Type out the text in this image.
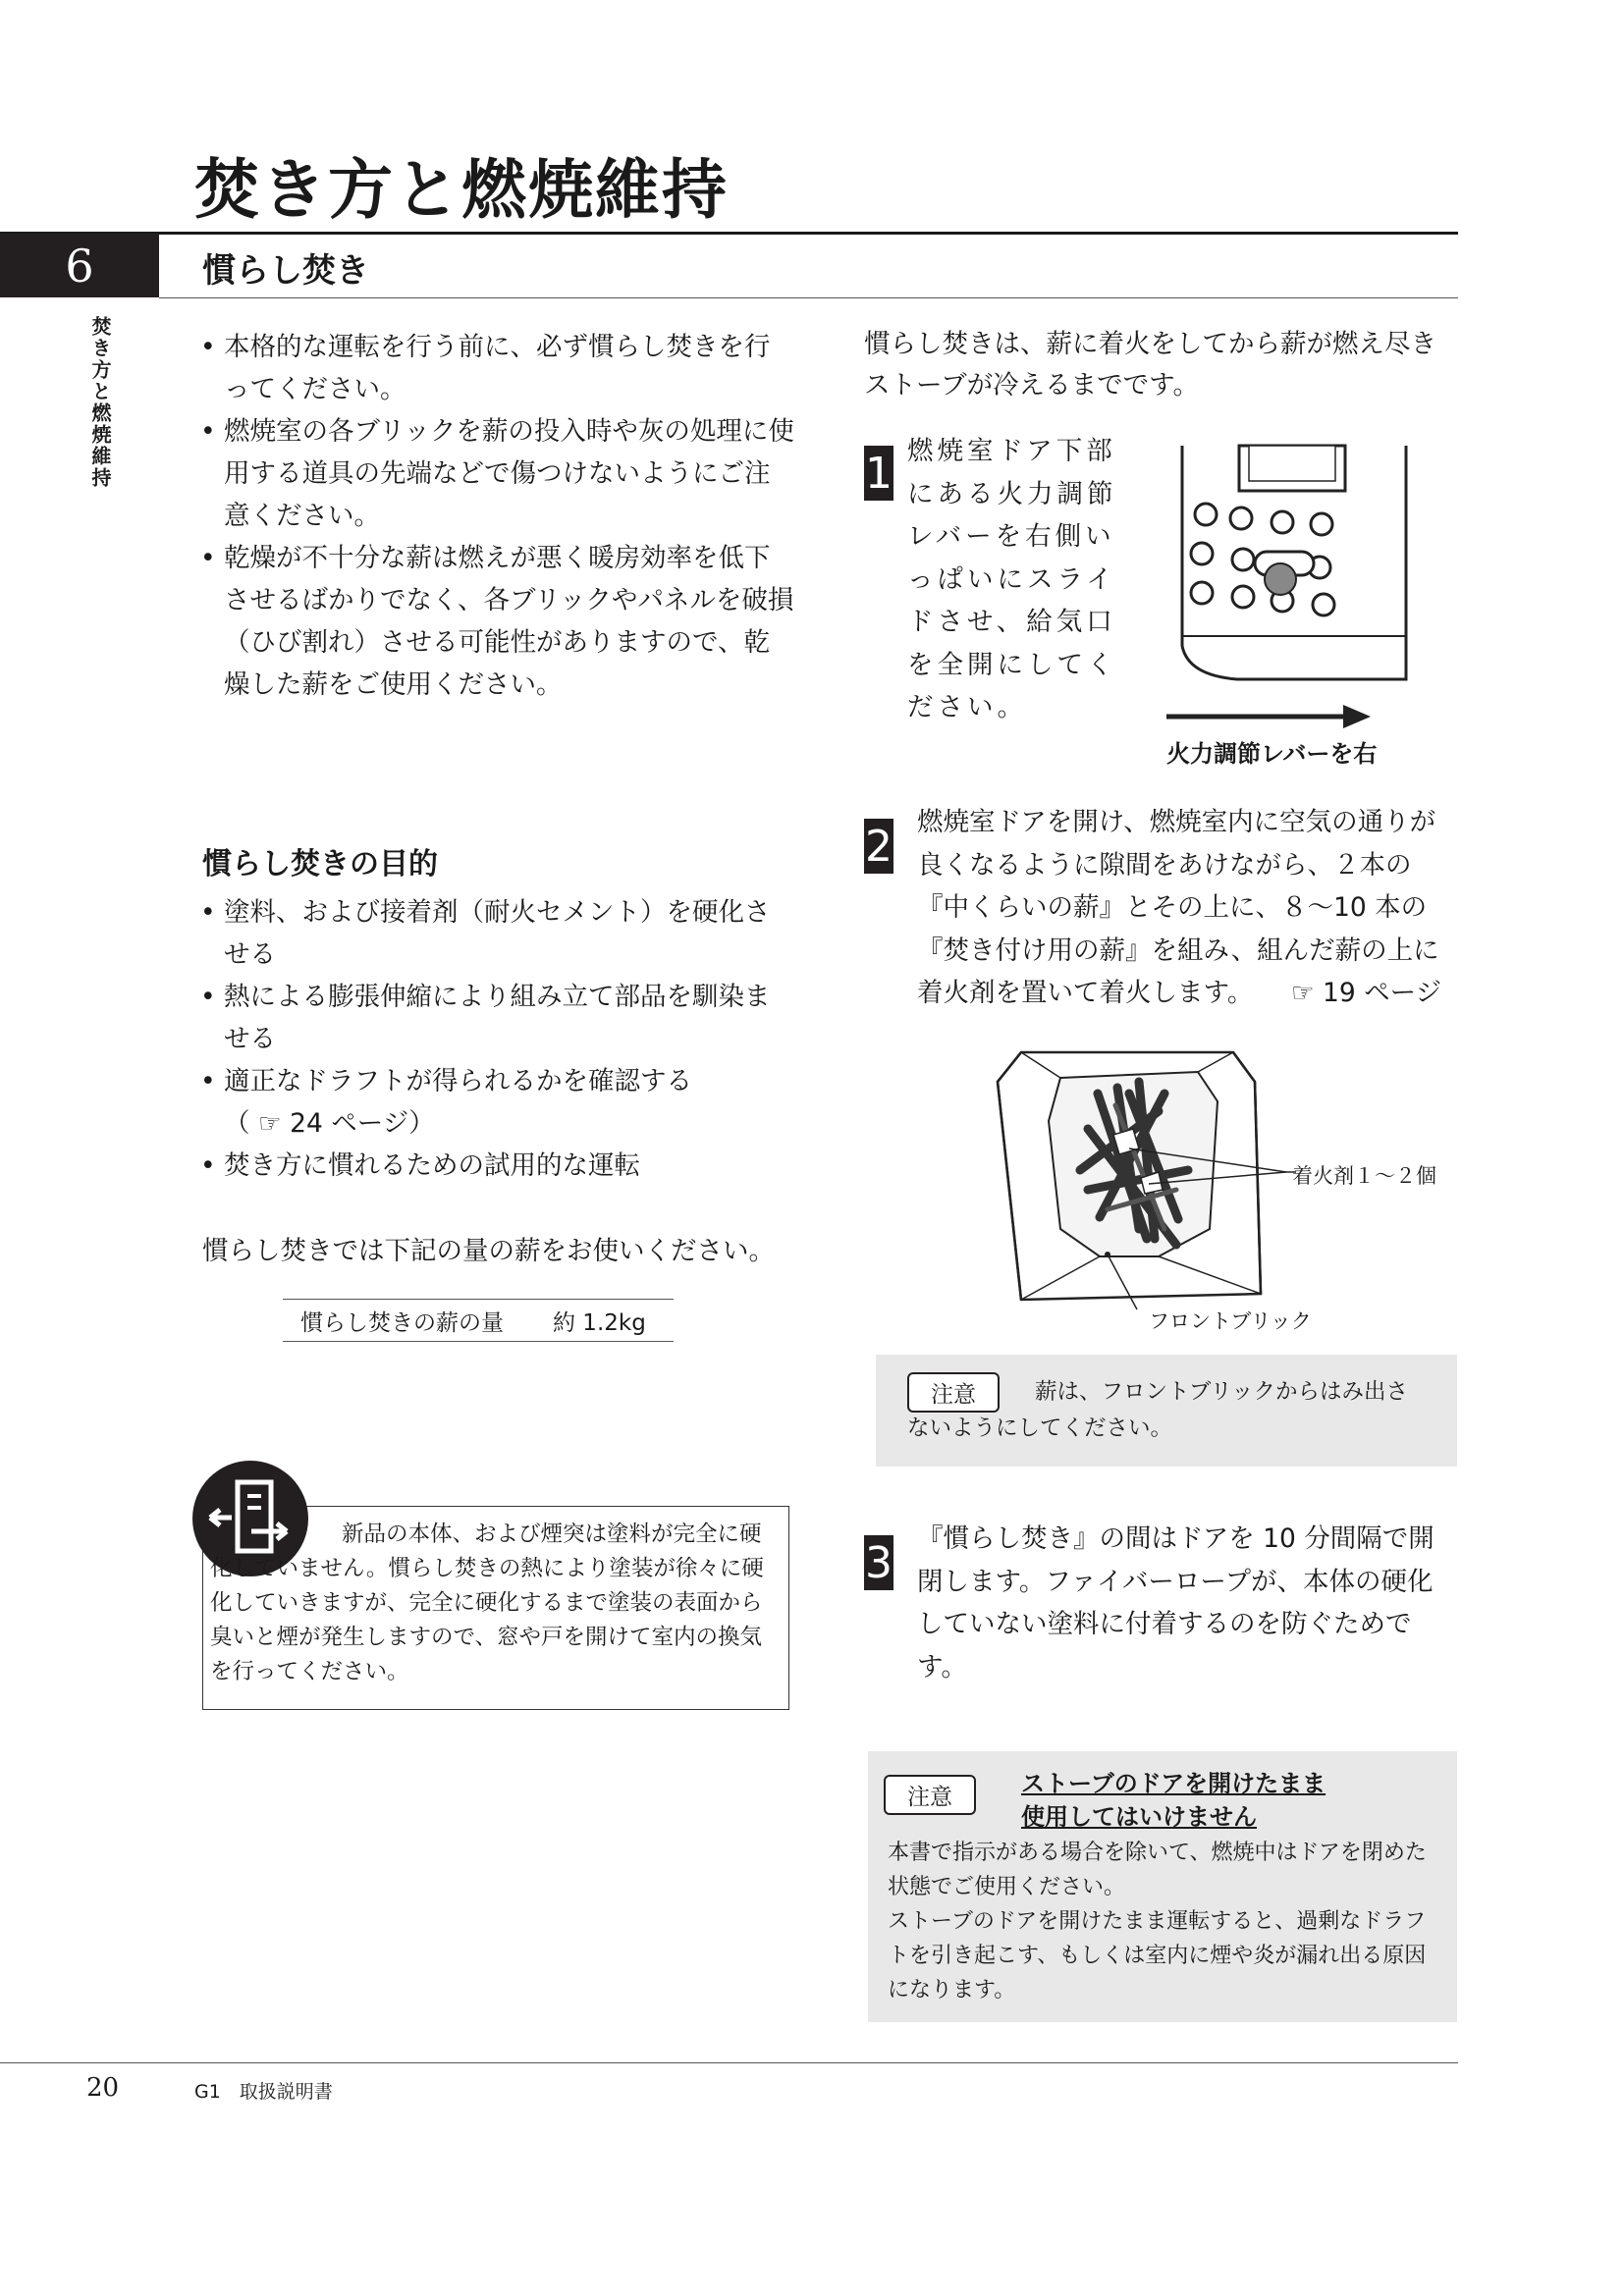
焚き方と燃焼維持
6	慣らし焚き
焚き方と燃焼維持
•	本格的な運転を行う前に、必ず慣らし焚きを行ってください。
• 燃焼室の各ブリックを薪の投入時や灰の処理に使用する道具の先端などで傷つけないようにご注意ください。
• 乾燥が不十分な薪は燃えが悪く暖房効率を低下させるばかりでなく、各ブリックやパネルを破損（ひび割れ）させる可能性がありますので、乾燥した薪をご使用ください。
慣らし焚きの目的
• 塗料、および接着剤（耐火セメント）を硬化させる
• 熱による膨張伸縮により組み立て部品を馴染ませる
• 適正なドラフトが得られるかを確認する
（ ☞ 24 ページ）
• 焚き方に慣れるための試用的な運転
慣らし焚きでは下記の量の薪をお使いください。
慣らし焚きの薪の量 約 1.2kg
新品の本体、および煙突は塗料が完全に硬化していません。慣らし焚きの熱により塗装が徐々に硬化していきますが、完全に硬化するまで塗装の表面から臭いと煙が発生しますので、窓や戸を開けて室内の換気を行ってください。
慣らし焚きは、薪に着火をしてから薪が燃え尽きストーブが冷えるまでです。
1 燃焼室ドア下部にある火力調節レバーを右側いっぱいにスライドさせ、給気口を全開にしてください。
火力調節レバーを右
2 燃焼室ドアを開け、燃焼室内に空気の通りが良くなるように隙間をあけながら、２本の『中くらいの薪』とその上に、８～10 本の『焚き付け用の薪』を組み、組んだ薪の上に着火剤を置いて着火します。 ☞ 19 ページ
着火剤１～２個
フロントブリック
注意	薪は、フロントブリックからはみ出さないようにしてください。
3 『慣らし焚き』の間はドアを 10 分間隔で開閉します。ファイバーロープが、本体の硬化していない塗料に付着するのを防ぐためです。
注意	ストーブのドアを開けたまま
使用してはいけません
本書で指示がある場合を除いて、燃焼中はドアを閉めた状態でご使用ください。
ストーブのドアを開けたまま運転すると、過剰なドラフトを引き起こす、もしくは室内に煙や炎が漏れ出る原因になります。
20	G1　取扱説明書
